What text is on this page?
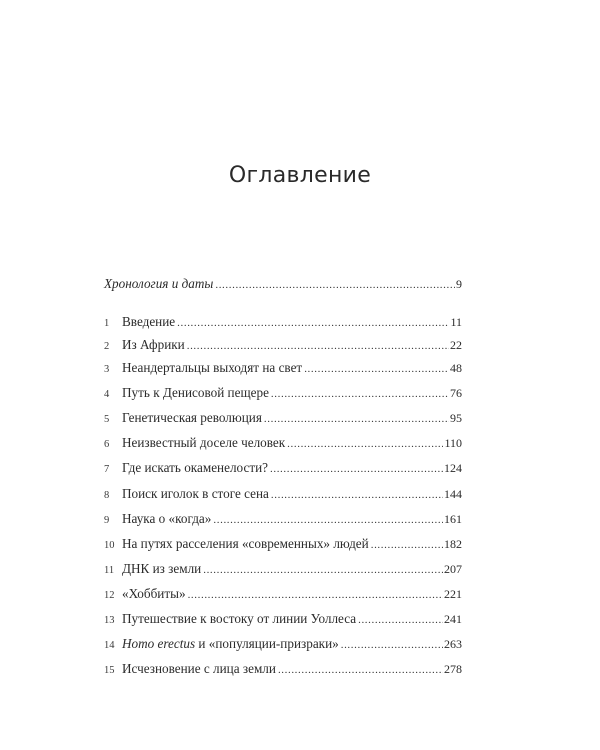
Оглавление
Хронология и даты .....	9
1 Введение .....	11
2 Из Африки .....	22
3 Неандертальцы выходят на свет .....	48
4 Путь к Денисовой пещере .....	76
5 Генетическая революция .....	95
6 Неизвестный доселе человек .....	110
7 Где искать окаменелости? .....	124
8 Поиск иголок в стоге сена .....	144
9 Наука о «когда» .....	161
10 На путях расселения «современных» людей .....	182
11 ДНК из земли .....	207
12 «Хоббиты» .....	221
13 Путешествие к востоку от линии Уоллеса .....	241
14 Homo erectus и «популяции-призраки» .....	263
15 Исчезновение с лица земли .....	278
